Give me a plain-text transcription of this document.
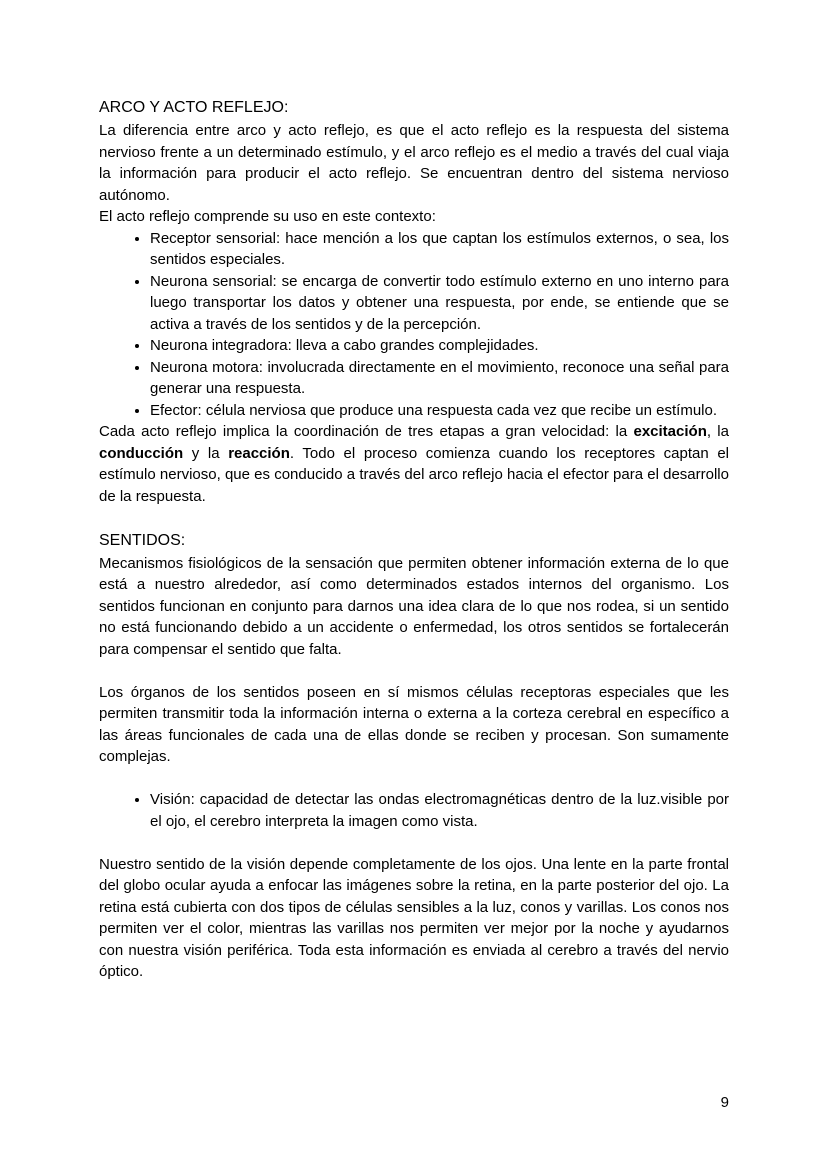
ARCO Y ACTO REFLEJO:

La diferencia entre arco y acto reflejo, es que el acto reflejo es la respuesta del sistema nervioso frente a un determinado estímulo, y el arco reflejo es el medio a través del cual viaja la información para producir el acto reflejo. Se encuentran dentro del sistema nervioso autónomo.

El acto reflejo comprende su uso en este contexto:

• Receptor sensorial: hace mención a los que captan los estímulos externos, o sea, los sentidos especiales.
• Neurona sensorial: se encarga de convertir todo estímulo externo en uno interno para luego transportar los datos y obtener una respuesta, por ende, se entiende que se activa a través de los sentidos y de la percepción.
• Neurona integradora: lleva a cabo grandes complejidades.
• Neurona motora: involucrada directamente en el movimiento, reconoce una señal para generar una respuesta.
• Efector: célula nerviosa que produce una respuesta cada vez que recibe un estímulo.

Cada acto reflejo implica la coordinación de tres etapas a gran velocidad: la excitación, la conducción y la reacción. Todo el proceso comienza cuando los receptores captan el estímulo nervioso, que es conducido a través del arco reflejo hacia el efector para el desarrollo de la respuesta.

SENTIDOS:

Mecanismos fisiológicos de la sensación que permiten obtener información externa de lo que está a nuestro alrededor, así como determinados estados internos del organismo. Los sentidos funcionan en conjunto para darnos una idea clara de lo que nos rodea, si un sentido no está funcionando debido a un accidente o enfermedad, los otros sentidos se fortalecerán para compensar el sentido que falta.

Los órganos de los sentidos poseen en sí mismos células receptoras especiales que les permiten transmitir toda la información interna o externa a la corteza cerebral en específico a las áreas funcionales de cada una de ellas donde se reciben y procesan. Son sumamente complejas.

• Visión: capacidad de detectar las ondas electromagnéticas dentro de la luz.visible por el ojo, el cerebro interpreta la imagen como vista.

Nuestro sentido de la visión depende completamente de los ojos. Una lente en la parte frontal del globo ocular ayuda a enfocar las imágenes sobre la retina, en la parte posterior del ojo. La retina está cubierta con dos tipos de células sensibles a la luz, conos y varillas. Los conos nos permiten ver el color, mientras las varillas nos permiten ver mejor por la noche y ayudarnos con nuestra visión periférica. Toda esta información es enviada al cerebro a través del nervio óptico.

9
